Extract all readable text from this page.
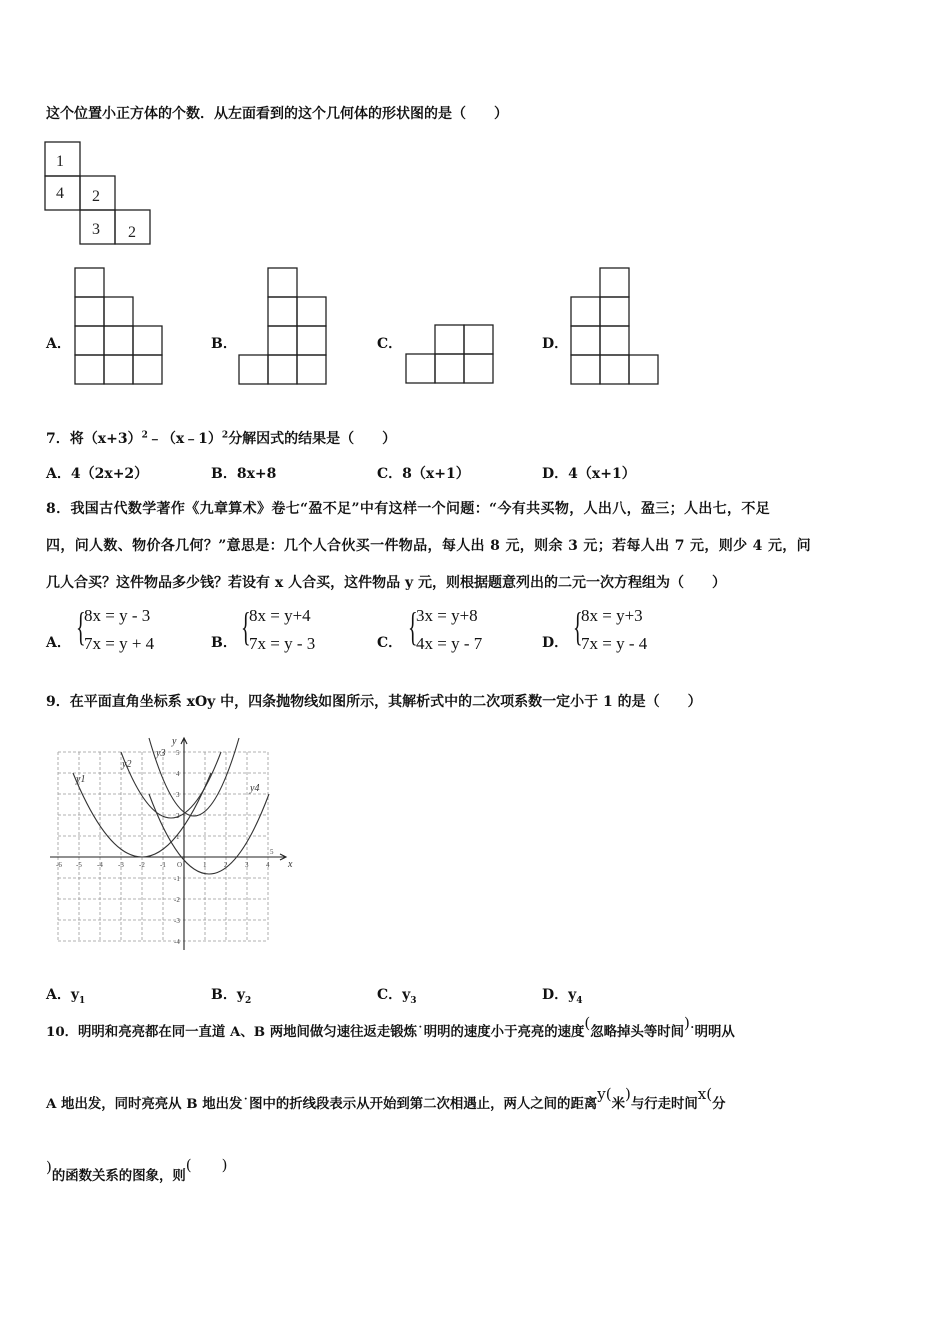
这个位置小正方体的个数．从左面看到的这个几何体的形状图的是（　　）
1
4 2
3 2
A．	B．	C．	D．
7．将$(x+3)^2﹣(x﹣1)^2$分解因式的结果是（　　）
A．4（2x+2）	B．8x+8	C．8（x+1）	D．4（x+1）
8．我国古代数学著作《九章算术》卷七“盈不足”中有这样一个问题：“今有共买物，人出八，盈三；人出七，不足
四，问人数、物价各几何？”意思是：几个人合伙买一件物品，每人出 8 元，则余 3 元；若每人出 7 元，则少 4 元，问
几人合买？这件物品多少钱？若设有 x 人合买，这件物品 y 元，则根据题意列出的二元一次方程组为（　　）
A． {
8x = y - 3
7x = y + 4	B． {
8x = y+4
7x = y - 3	C． {
3x = y+8
4x = y - 7	D． {
8x = y+3
7x = y - 4
9．在平面直角坐标系 xOy 中，四条抛物线如图所示，其解析式中的二次项系数一定小于 1 的是（　　）
x
y
y1
y2
y3
y4
-6 -5 -4 -3 -2 -1 O	1	2	3	4
5
5
4
3
2
1
-1
-2
-3
-4
A．$y_1$	B．$y_2$	C．$y_3$	D．$y_4$
10．明明和亮亮都在同一直道 A、B 两地间做匀速往返走锻炼˙明明的速度小于亮亮的速度(忽略掉头等时间).明明从
A 地出发，同时亮亮从 B 地出发˙图中的折线段表示从开始到第二次相遇止，两人之间的距离y(米)与行走时间x(分
)的函数关系的图象，则(　　)
